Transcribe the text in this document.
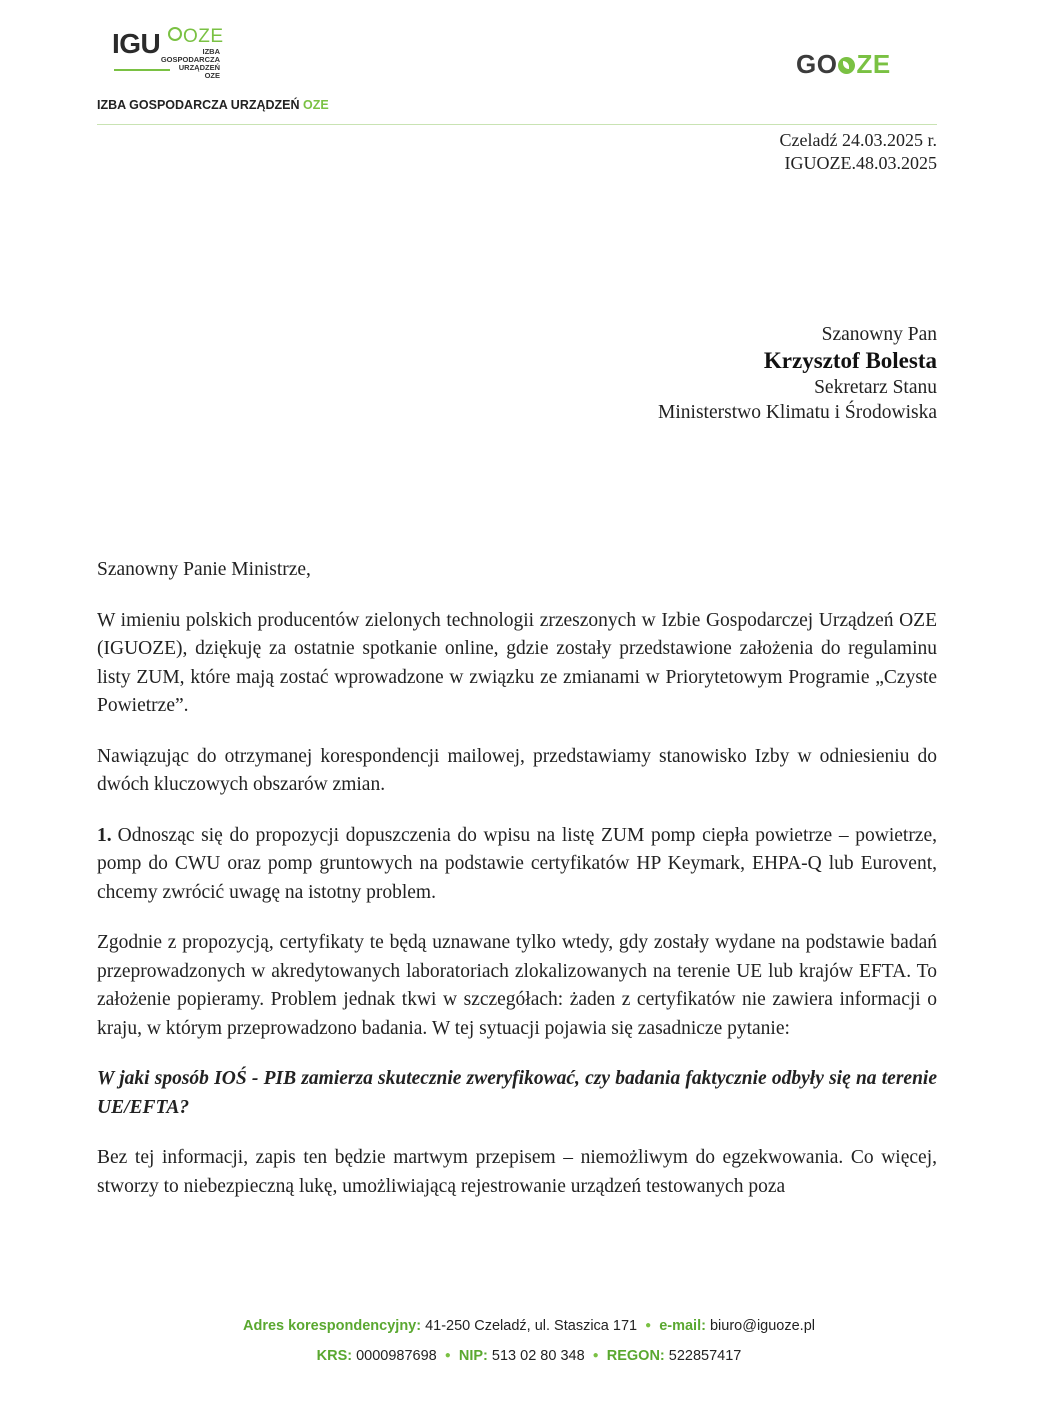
IGU	OZE
IZBA
GOSPODARCZA
URZĄDZEŃ
OZE	GO ZE
IZBA GOSPODARCZA URZĄDZEŃ OZE
Czeladź 24.03.2025 r.
IGUOZE.48.03.2025
Szanowny Pan
Krzysztof Bolesta
Sekretarz Stanu
Ministerstwo Klimatu i Środowiska

Szanowny Panie Ministrze,

W imieniu polskich producentów zielonych technologii zrzeszonych w Izbie Gospodarczej Urządzeń OZE (IGUOZE), dziękuję za ostatnie spotkanie online, gdzie zostały przedstawione założenia do regulaminu listy ZUM, które mają zostać wprowadzone w związku ze zmianami w Priorytetowym Programie „Czyste Powietrze”.

Nawiązując do otrzymanej korespondencji mailowej, przedstawiamy stanowisko Izby w odniesieniu do dwóch kluczowych obszarów zmian.

1. Odnosząc się do propozycji dopuszczenia do wpisu na listę ZUM pomp ciepła powietrze – powietrze, pomp do CWU oraz pomp gruntowych na podstawie certyfikatów HP Keymark, EHPA-Q lub Eurovent, chcemy zwrócić uwagę na istotny problem.

Zgodnie z propozycją, certyfikaty te będą uznawane tylko wtedy, gdy zostały wydane na podstawie badań przeprowadzonych w akredytowanych laboratoriach zlokalizowanych na terenie UE lub krajów EFTA. To założenie popieramy. Problem jednak tkwi w szczegółach: żaden z certyfikatów nie zawiera informacji o kraju, w którym przeprowadzono badania. W tej sytuacji pojawia się zasadnicze pytanie:

W jaki sposób IOŚ - PIB zamierza skutecznie zweryfikować, czy badania faktycznie odbyły się na terenie UE/EFTA?

Bez tej informacji, zapis ten będzie martwym przepisem – niemożliwym do egzekwowania. Co więcej, stworzy to niebezpieczną lukę, umożliwiającą rejestrowanie urządzeń testowanych poza

Adres korespondencyjny: 41-250 Czeladź, ul. Staszica 171 ● e-mail: biuro@iguoze.pl
KRS: 0000987698 ● NIP: 513 02 80 348 ● REGON: 522857417
